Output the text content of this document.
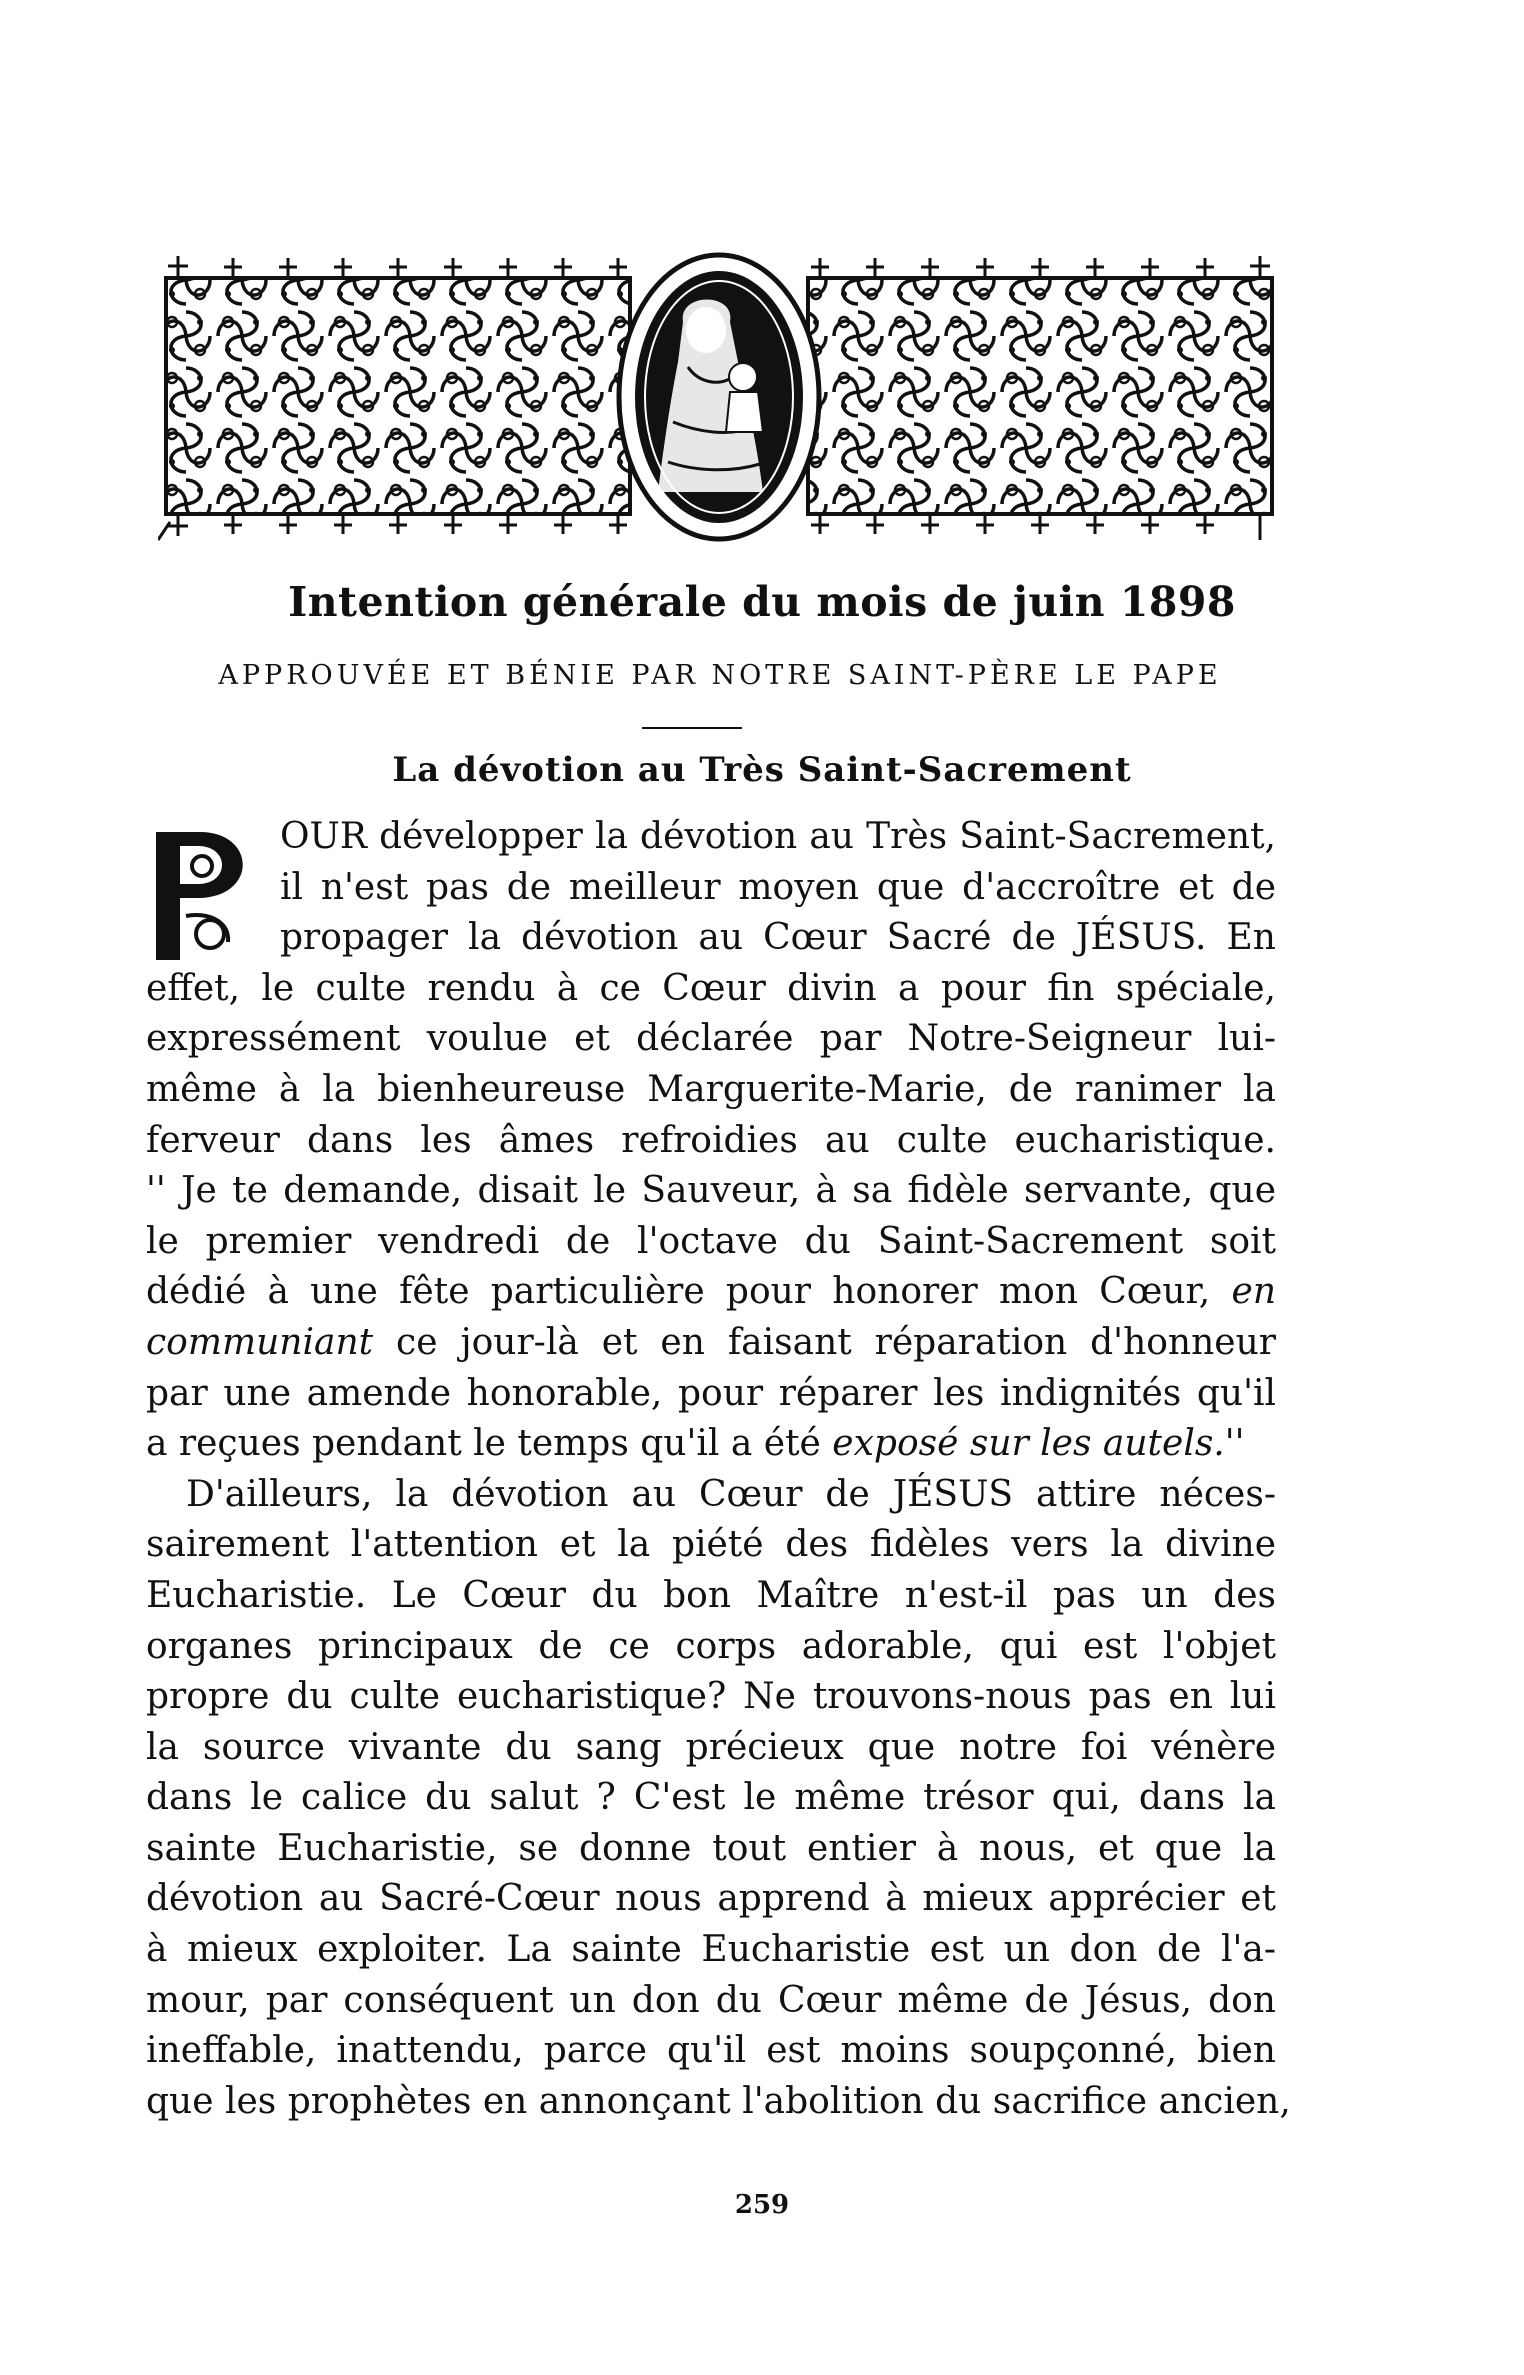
Intention générale du mois de juin 1898
APPROUVÉE ET BÉNIE PAR NOTRE SAINT-PÈRE LE PAPE
La dévotion au Très Saint-Sacrement
P	OUR développer la dévotion au Très Saint-Sacrement,
il n'est pas de meilleur moyen que d'accroître et de
propager la dévotion au Cœur Sacré de JÉSUS. En
effet, le culte rendu à ce Cœur divin a pour fin spéciale,
expressément voulue et déclarée par Notre-Seigneur lui-
même à la bienheureuse Marguerite-Marie, de ranimer la
ferveur dans les âmes refroidies au culte eucharistique.
'' Je te demande, disait le Sauveur, à sa fidèle servante, que
le premier vendredi de l'octave du Saint-Sacrement soit
dédié à une fête particulière pour honorer mon Cœur, en
communiant ce jour-là et en faisant réparation d'honneur
par une amende honorable, pour réparer les indignités qu'il
a reçues pendant le temps qu'il a été exposé sur les autels.''
D'ailleurs, la dévotion au Cœur de JÉSUS attire néces-
sairement l'attention et la piété des fidèles vers la divine
Eucharistie. Le Cœur du bon Maître n'est-il pas un des
organes principaux de ce corps adorable, qui est l'objet
propre du culte eucharistique? Ne trouvons-nous pas en lui
la source vivante du sang précieux que notre foi vénère
dans le calice du salut ? C'est le même trésor qui, dans la
sainte Eucharistie, se donne tout entier à nous, et que la
dévotion au Sacré-Cœur nous apprend à mieux apprécier et
à mieux exploiter. La sainte Eucharistie est un don de l'a-
mour, par conséquent un don du Cœur même de Jésus, don
ineffable, inattendu, parce qu'il est moins soupçonné, bien
que les prophètes en annonçant l'abolition du sacrifice ancien,
259
